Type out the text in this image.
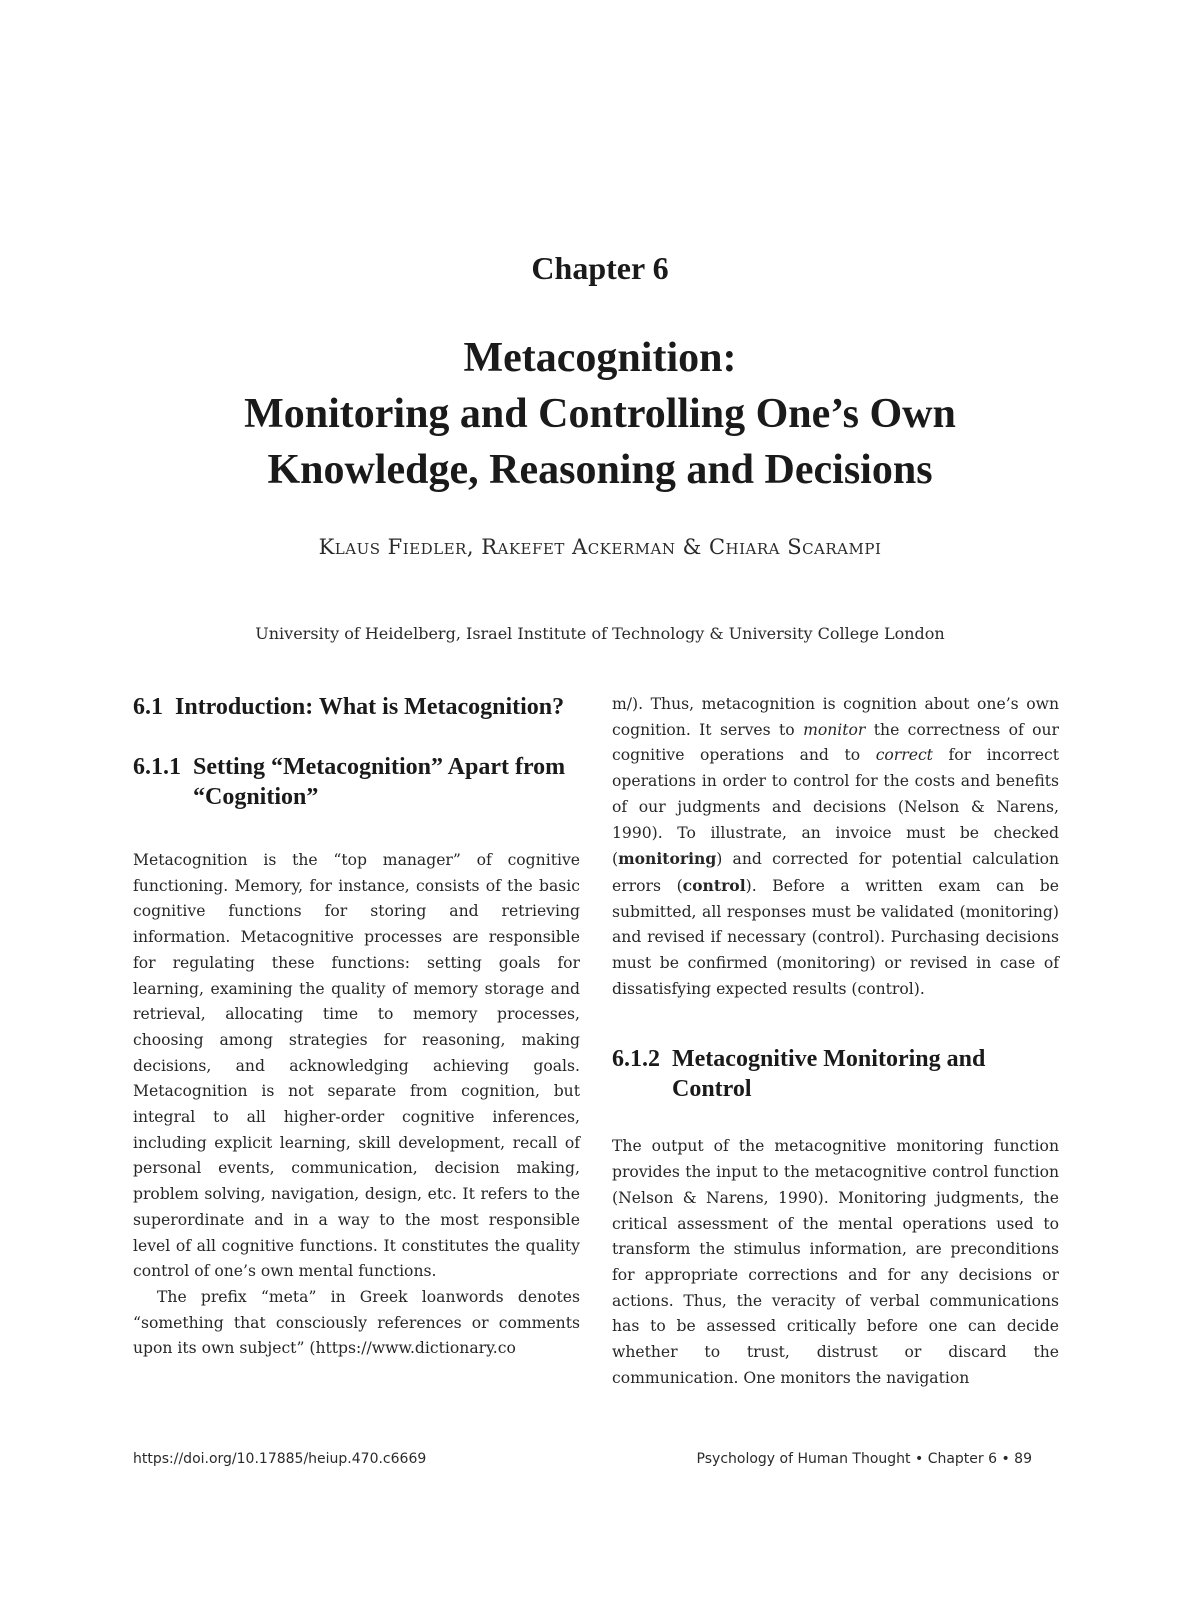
Chapter 6
Metacognition:
Monitoring and Controlling One’s Own
Knowledge, Reasoning and Decisions
Klaus Fiedler, Rakefet Ackerman & Chiara Scarampi
University of Heidelberg, Israel Institute of Technology & University College London
6.1 Introduction: What is Metacognition?
6.1.1 Setting “Metacognition” Apart from “Cognition”

Metacognition is the “top manager” of cognitive functioning. Memory, for instance, consists of the basic cognitive functions for storing and retrieving information. Metacognitive processes are responsible for regulating these functions: setting goals for learning, examining the quality of memory storage and retrieval, allocating time to memory processes, choosing among strategies for reasoning, making decisions, and acknowledging achieving goals. Metacognition is not separate from cognition, but integral to all higher-order cognitive inferences, including explicit learning, skill development, recall of personal events, communication, decision making, problem solving, navigation, design, etc. It refers to the superordinate and in a way to the most responsible level of all cognitive functions. It constitutes the quality control of one’s own mental functions.

The prefix “meta” in Greek loanwords denotes “something that consciously references or comments upon its own subject” (https://www.dictionary.co

m/). Thus, metacognition is cognition about one’s own cognition. It serves to monitor the correctness of our cognitive operations and to correct for incorrect operations in order to control for the costs and benefits of our judgments and decisions (Nelson & Narens, 1990). To illustrate, an invoice must be checked (monitoring) and corrected for potential calculation errors (control). Before a written exam can be submitted, all responses must be validated (monitoring) and revised if necessary (control). Purchasing decisions must be confirmed (monitoring) or revised in case of dissatisfying expected results (control).

6.1.2 Metacognitive Monitoring and Control

The output of the metacognitive monitoring function provides the input to the metacognitive control function (Nelson & Narens, 1990). Monitoring judgments, the critical assessment of the mental operations used to transform the stimulus information, are preconditions for appropriate corrections and for any decisions or actions. Thus, the veracity of verbal communications has to be assessed critically before one can decide whether to trust, distrust or discard the communication. One monitors the navigation

https://doi.org/10.17885/heiup.470.c6669	Psychology of Human Thought • Chapter 6 • 89
